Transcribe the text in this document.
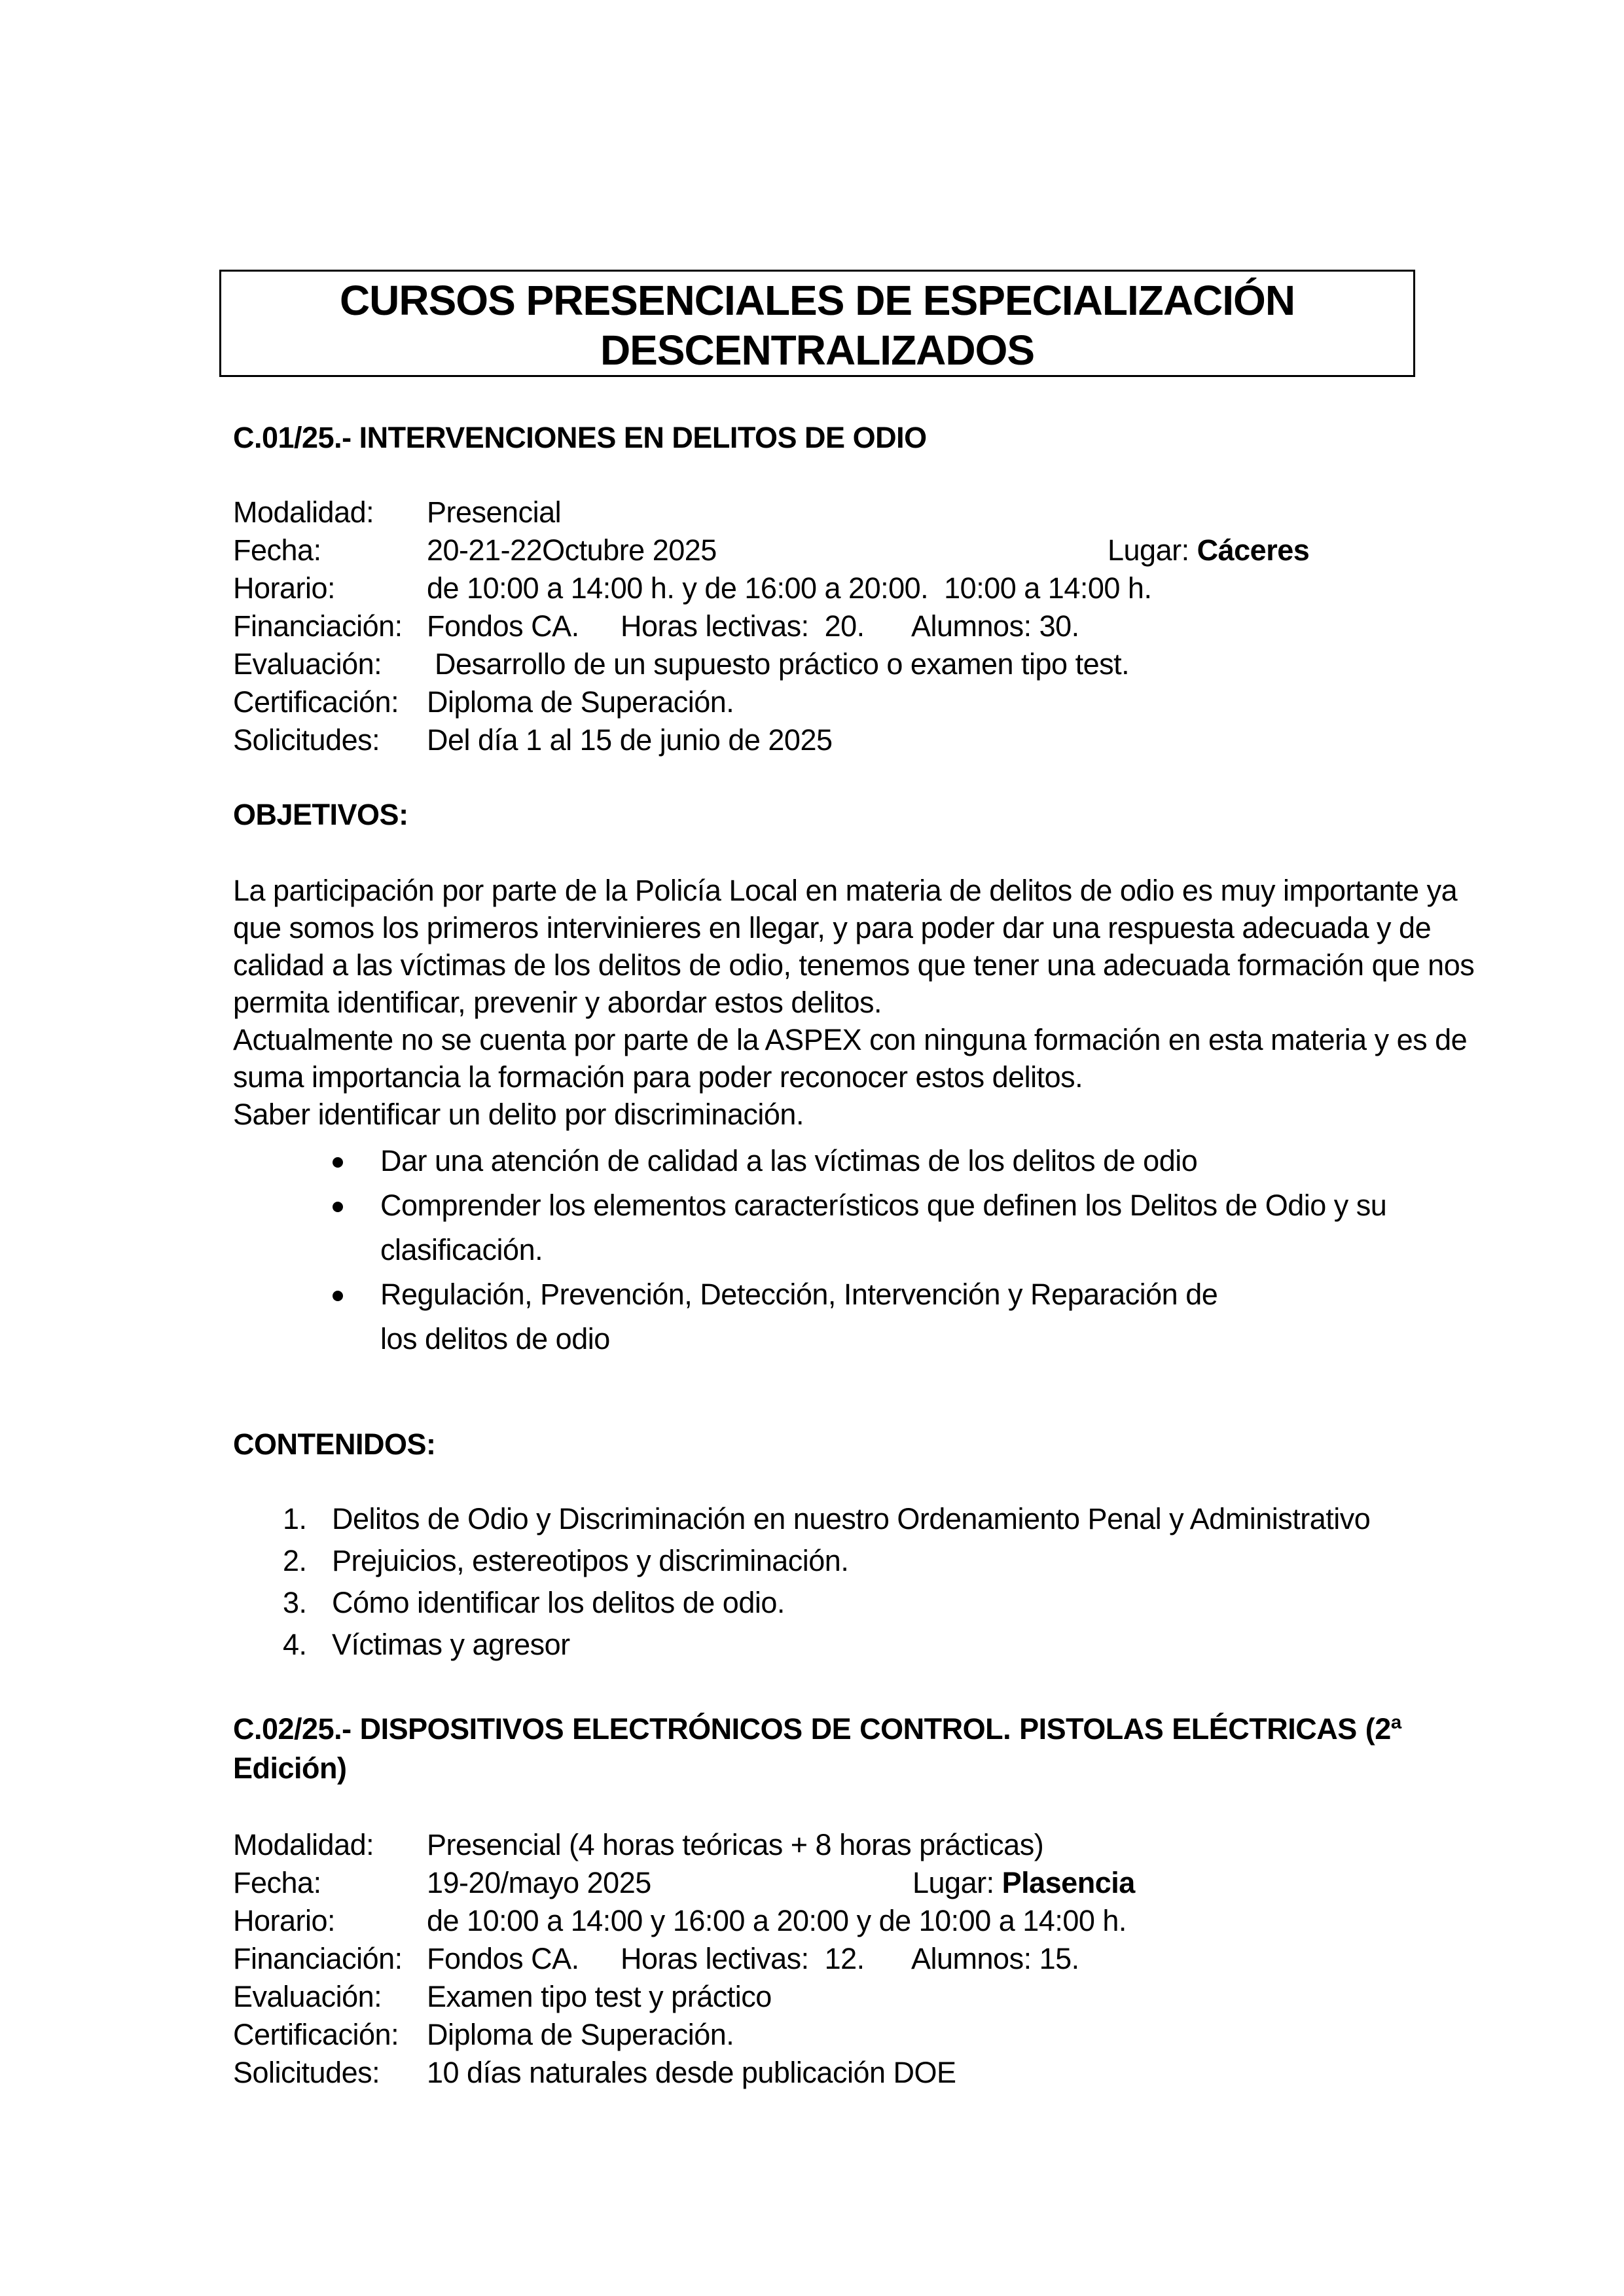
CURSOS PRESENCIALES DE ESPECIALIZACIÓN
DESCENTRALIZADOS
C.01/25.- INTERVENCIONES EN DELITOS DE ODIO
Modalidad: Presencial
Fecha:	20-21-22Octubre 2025	Lugar: Cáceres
Horario:	de 10:00 a 14:00 h. y de 16:00 a 20:00.  10:00 a 14:00 h.
Financiación: Fondos CA. Horas lectivas:  20. Alumnos: 30.
Evaluación: Desarrollo de un supuesto práctico o examen tipo test.
Certificación: Diploma de Superación.
Solicitudes: Del día 1 al 15 de junio de 2025
OBJETIVOS:
La participación por parte de la Policía Local en materia de delitos de odio es muy importante ya
que somos los primeros intervinieres en llegar, y para poder dar una respuesta adecuada y de
calidad a las víctimas de los delitos de odio, tenemos que tener una adecuada formación que nos
permita identificar, prevenir y abordar estos delitos.
Actualmente no se cuenta por parte de la ASPEX con ninguna formación en esta materia y es de
suma importancia la formación para poder reconocer estos delitos.
Saber identificar un delito por discriminación.
Dar una atención de calidad a las víctimas de los delitos de odio
Comprender los elementos característicos que definen los Delitos de Odio y su
clasificación.
Regulación, Prevención, Detección, Intervención y Reparación de
los delitos de odio
CONTENIDOS:
1. Delitos de Odio y Discriminación en nuestro Ordenamiento Penal y Administrativo
2. Prejuicios, estereotipos y discriminación.
3. Cómo identificar los delitos de odio.
4. Víctimas y agresor
C.02/25.- DISPOSITIVOS ELECTRÓNICOS DE CONTROL. PISTOLAS ELÉCTRICAS (2ª
Edición)
Modalidad: Presencial (4 horas teóricas + 8 horas prácticas)
Fecha:	19-20/mayo 2025	Lugar: Plasencia
Horario:	de 10:00 a 14:00 y 16:00 a 20:00 y de 10:00 a 14:00 h.
Financiación: Fondos CA. Horas lectivas:  12. Alumnos: 15.
Evaluación: Examen tipo test y práctico
Certificación: Diploma de Superación.
Solicitudes: 10 días naturales desde publicación DOE
